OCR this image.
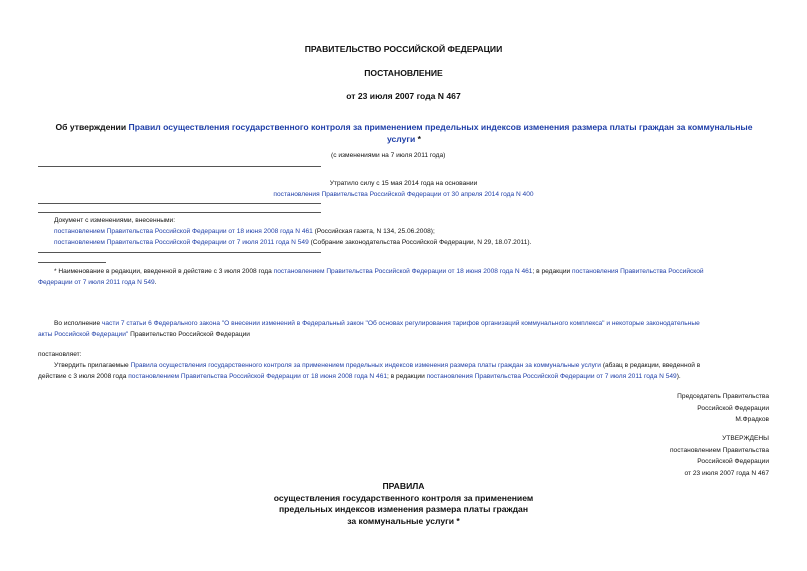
ПРАВИТЕЛЬСТВО РОССИЙСКОЙ ФЕДЕРАЦИИ
ПОСТАНОВЛЕНИЕ
от 23 июля 2007 года N 467
Об утверждении Правил осуществления государственного контроля за применением предельных индексов изменения размера платы граждан за коммунальные
услуги *
(с изменениями на 7 июля 2011 года)
Утратило силу с 15 мая 2014 года на основании
постановления Правительства Российской Федерации от 30 апреля 2014 года N 400
Документ с изменениями, внесенными:
постановлением Правительства Российской Федерации от 18 июня 2008 года N 461 (Российская газета, N 134, 25.06.2008);
постановлением Правительства Российской Федерации от 7 июля 2011 года N 549 (Собрание законодательства Российской Федерации, N 29, 18.07.2011).
* Наименование в редакции, введенной в действие с 3 июля 2008 года постановлением Правительства Российской Федерации от 18 июня 2008 года N 461; в редакции постановления Правительства Российской
Федерации от 7 июля 2011 года N 549.
Во исполнение части 7 статьи 6 Федерального закона "О внесении изменений в Федеральный закон "Об основах регулирования тарифов организаций коммунального комплекса" и некоторые законодательные
акты Российской Федерации" Правительство Российской Федерации
постановляет:
Утвердить прилагаемые Правила осуществления государственного контроля за применением предельных индексов изменения размера платы граждан за коммунальные услуги (абзац в редакции, введенной в
действие с 3 июля 2008 года постановлением Правительства Российской Федерации от 18 июня 2008 года N 461; в редакции постановления Правительства Российской Федерации от 7 июля 2011 года N 549).
Председатель Правительства
Российской Федерации
М.Фрадков
УТВЕРЖДЕНЫ
постановлением Правительства
Российской Федерации
от 23 июля 2007 года N 467
ПРАВИЛА
осуществления государственного контроля за применением
предельных индексов изменения размера платы граждан
за коммунальные услуги *
